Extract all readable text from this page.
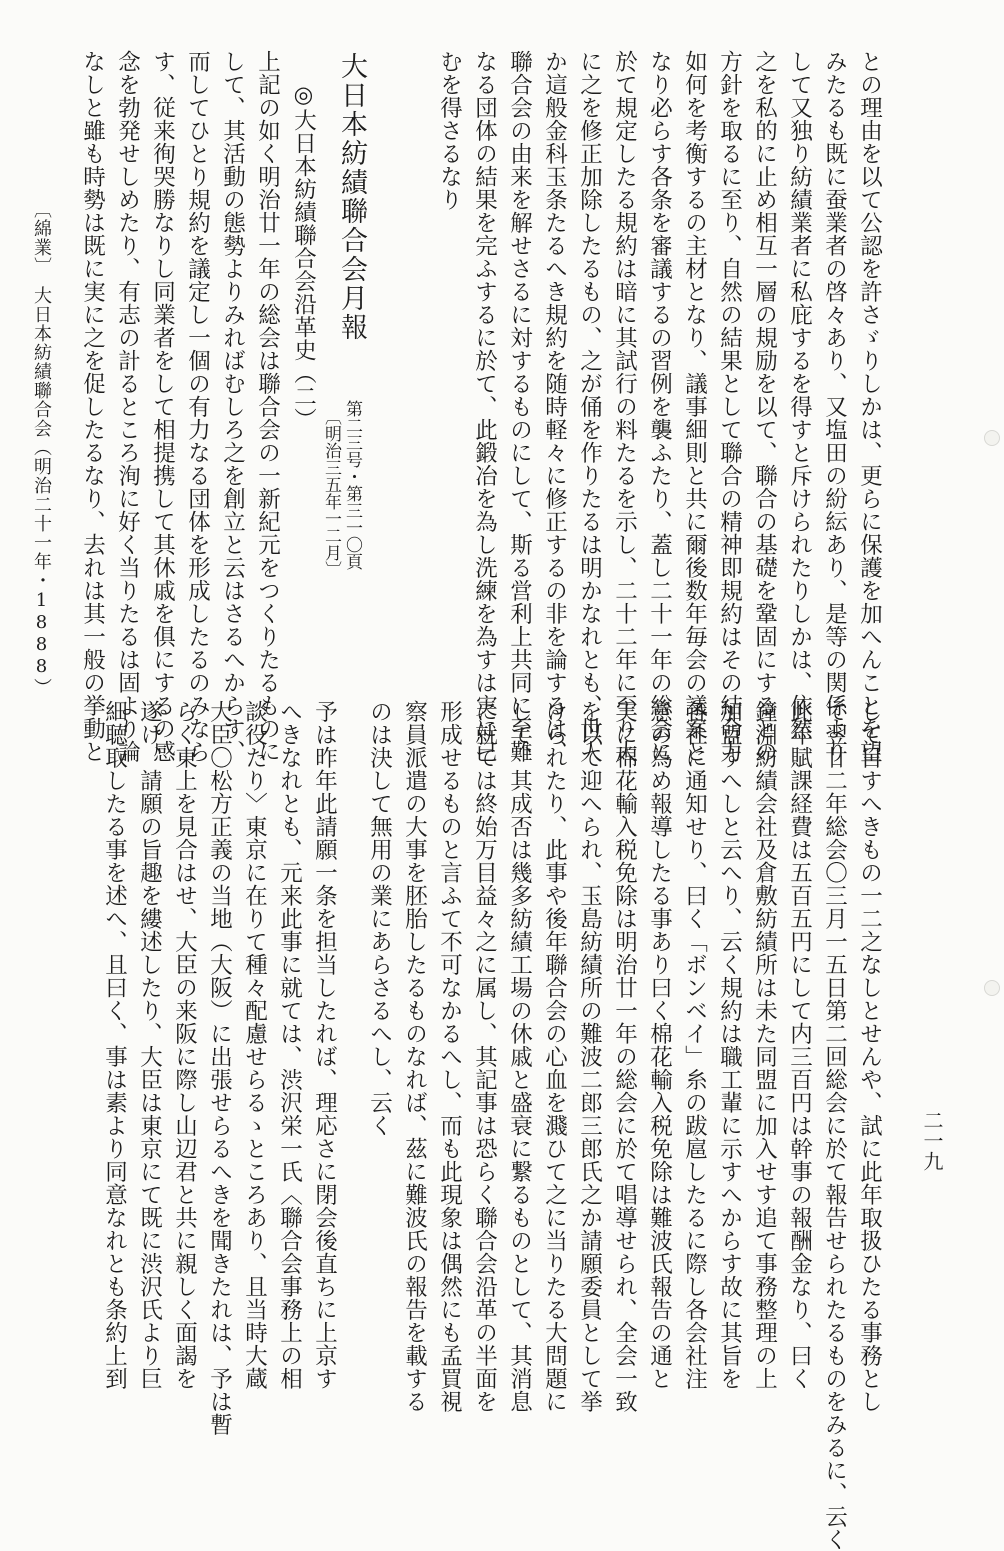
との理由を以て公認を許さゞりしかは、更らに保護を加へんことを望
みたるも既に蚕業者の啓々あり、又塩田の紛紜あり、是等の関係より
して又独り紡績業者に私庇するを得すと斥けられたりしかは、依然
之を私的に止め相互一層の規励を以て、聯合の基礎を鞏固にするとの
方針を取るに至り、自然の結果として聯合の精神即規約はその結合力
如何を考衡するの主材となり、議事細則と共に爾後数年毎会の議案と
なり必らす各条を審議するの習例を襲ふたり、蓋し二十一年の総会に
於て規定したる規約は暗に其試行の料たるを示し、二十二年に至り大
に之を修正加除したるもの、之が俑を作りたるは明かなれとも、世人
か這般金科玉条たるへき規約を随時軽々に修正するの非を論するは、
聯合会の由来を解せさるに対するものにして、斯る営利上共同に至難
なる団体の結果を完ふするに於て、此鍛冶を為し洗練を為すは実に已
むを得さるなり
大日本紡績聯合会月報
第二三号・第三一〇頁
〔明治三五年一二月〕
◎大日本紡績聯合会沿革史（二）
上記の如く明治廿一年の総会は聯合会の一新紀元をつくりたるものに
して、其活動の態勢よりみればむしろ之を創立と云はさるへからす、
而してひとり規約を議定し一個の有力なる団体を形成したるのみなら
す、従来徇哭勝なりし同業者をして相提携して其休戚を俱にするの感
念を勃発せしめたり、有志の計るところ洵に好く当りたるは固より論
なしと雖も時勢は既に実に之を促したるなり、去れは其一般の挙動と
〔綿業〕　大日本紡績聯合会（明治二十一年・1888）
して目すへきもの一二之なしとせんや、試に此年取扱ひたる事務とし
て翌廿二年総会〇三月一五日第二回総会に於て報告せられたるものをみるに、云く
此年賦課経費は五百五円にして内三百円は幹事の報酬金なり、曰く
鐘淵紡績会社及倉敷紡績所は未た同盟に加入せす追て事務整理の上
加盟すへしと云へり、云く規約は職工輩に示すへからす故に其旨を
各社に通知せり、曰く「ボンベイ」糸の跋扈したるに際し各会社注
意の為め報導したる事あり曰く棉花輸入税免除は難波氏報告の通と
実に棉花輸入税免除は明治廿一年の総会に於て唱導せられ、全会一致
を以て迎へられ、玉島紡績所の難波二郎三郎氏之か請願委員として挙
けられたり、此事や後年聯合会の心血を濺ひて之に当りたる大問題に
して、其成否は幾多紡績工場の休戚と盛衰に繋るものとして、其消息
に就ては終始万目益々之に属し、其記事は恐らく聯合会沿革の半面を
形成せるものと言ふて不可なかるへし、而も此現象は偶然にも孟買視
察員派遣の大事を胚胎したるものなれば、茲に難波氏の報告を載する
のは決して無用の業にあらさるへし、云く
予は昨年此請願一条を担当したれば、理応さに閉会後直ちに上京す
へきなれとも、元来此事に就ては、渋沢栄一氏〈聯合会事務上の相
談役たり〉東京に在りて種々配慮せらるゝところあり、且当時大蔵
大臣〇松方正義の当地（大阪）に出張せらるへきを聞きたれは、予は暫
らく東上を見合はせ、大臣の来阪に際し山辺君と共に親しく面謁を
遂け、請願の旨趣を縷述したり、大臣は東京にて既に渋沢氏より巨
細聴取したる事を述へ、且曰く、事は素より同意なれとも条約上到	二一九
